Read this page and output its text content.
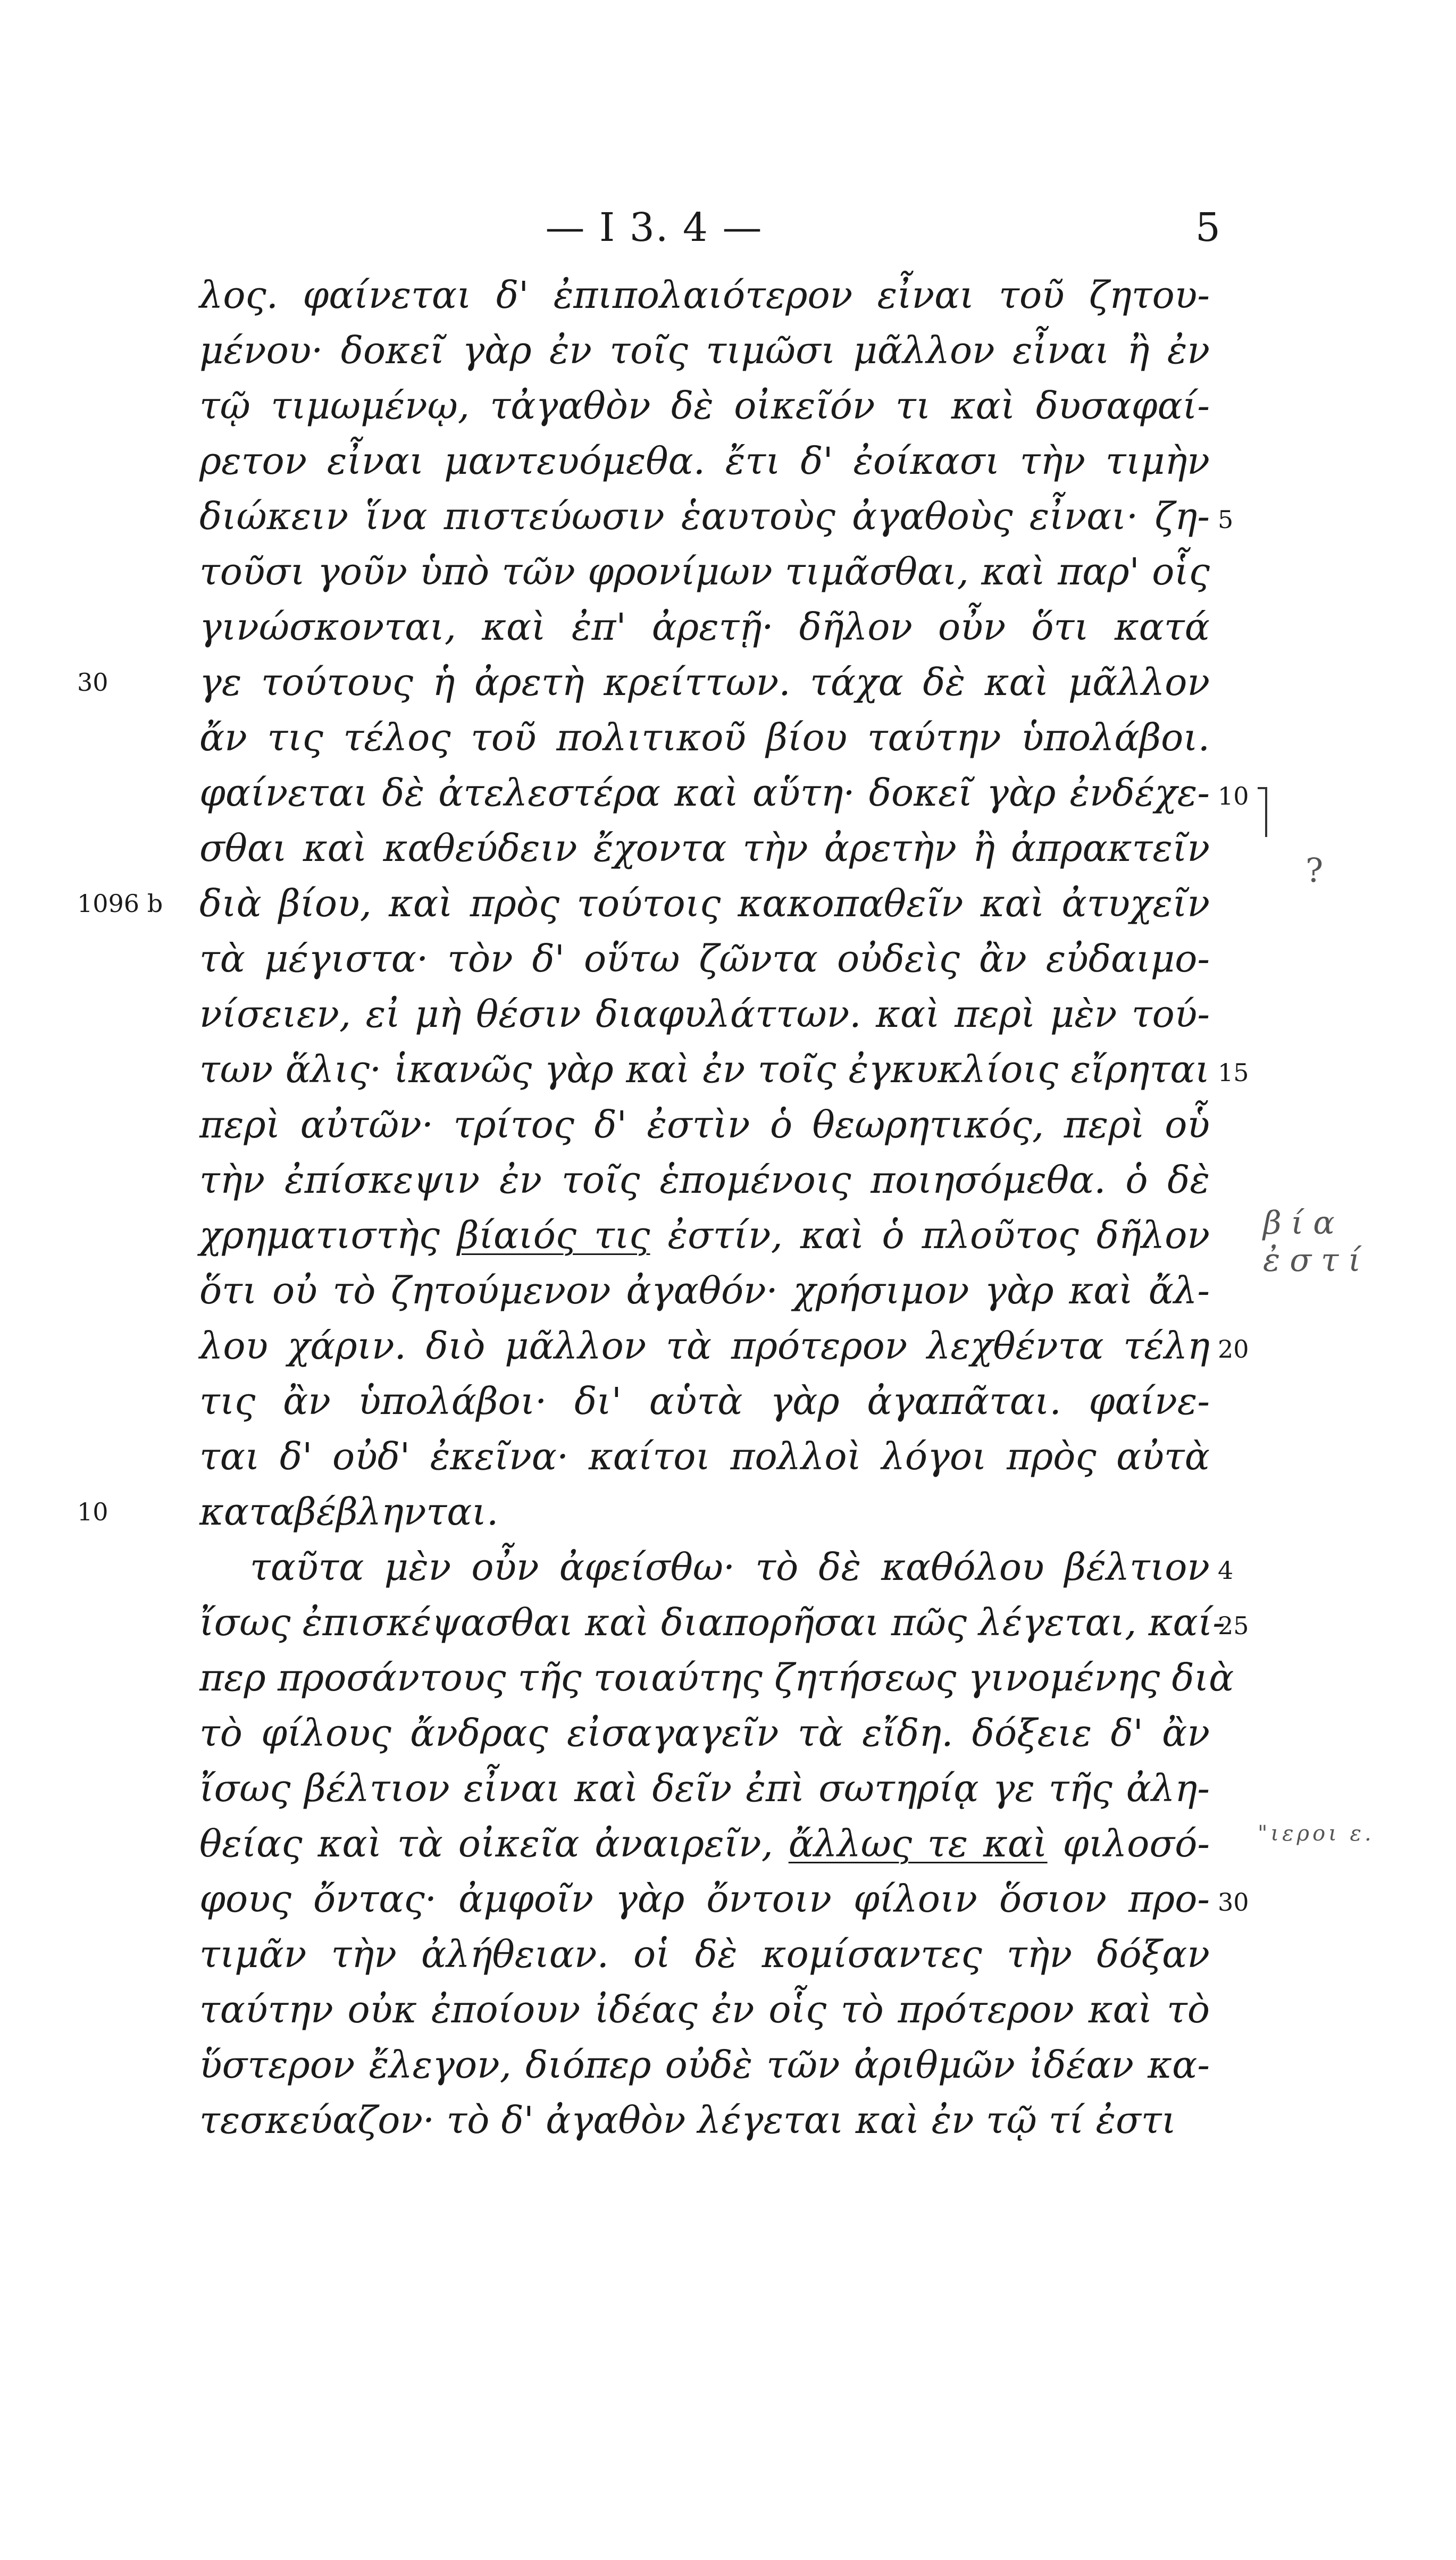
— I 3. 4 —	5
λος. φαίνεται δ' ἐπιπολαιότερον εἶναι τοῦ ζητου-
μένου· δοκεῖ γὰρ ἐν τοῖς τιμῶσι μᾶλλον εἶναι ἢ ἐν
τῷ τιμωμένῳ, τἀγαθὸν δὲ οἰκεῖόν τι καὶ δυσαφαί-
ρετον εἶναι μαντευόμεθα. ἔτι δ' ἐοίκασι τὴν τιμὴν
διώκειν ἵνα πιστεύωσιν ἑαυτοὺς ἀγαθοὺς εἶναι· ζη- 5
τοῦσι γοῦν ὑπὸ τῶν φρονίμων τιμᾶσθαι, καὶ παρ' οἷς
γινώσκονται, καὶ ἐπ' ἀρετῇ· δῆλον οὖν ὅτι κατά
30	γε τούτους ἡ ἀρετὴ κρείττων. τάχα δὲ καὶ μᾶλλον
ἄν τις τέλος τοῦ πολιτικοῦ βίου ταύτην ὑπολάβοι.
φαίνεται δὲ ἀτελεστέρα καὶ αὕτη· δοκεῖ γὰρ ἐνδέχε- 10
σθαι καὶ καθεύδειν ἔχοντα τὴν ἀρετὴν ἢ ἀπρακτεῖν
1096 b διὰ βίου, καὶ πρὸς τούτοις κακοπαθεῖν καὶ ἀτυχεῖν
τὰ μέγιστα· τὸν δ' οὕτω ζῶντα οὐδεὶς ἂν εὐδαιμο-
νίσειεν, εἰ μὴ θέσιν διαφυλάττων. καὶ περὶ μὲν τού-
των ἅλις· ἱκανῶς γὰρ καὶ ἐν τοῖς ἐγκυκλίοις εἴρηται 15
περὶ αὐτῶν· τρίτος δ' ἐστὶν ὁ θεωρητικός, περὶ οὗ
τὴν ἐπίσκεψιν ἐν τοῖς ἑπομένοις ποιησόμεθα. ὁ δὲ
χρηματιστὴς βίαιός τις ἐστίν, καὶ ὁ πλοῦτος δῆλον
ὅτι οὐ τὸ ζητούμενον ἀγαθόν· χρήσιμον γὰρ καὶ ἄλ-
λου χάριν. διὸ μᾶλλον τὰ πρότερον λεχθέντα τέλη 20
τις ἂν ὑπολάβοι· δι' αὑτὰ γὰρ ἀγαπᾶται. φαίνε-
ται δ' οὐδ' ἐκεῖνα· καίτοι πολλοὶ λόγοι πρὸς αὐτὰ
10	καταβέβληνται.
ταῦτα μὲν οὖν ἀφείσθω· τὸ δὲ καθόλου βέλτιον 4
ἴσως ἐπισκέψασθαι καὶ διαπορῆσαι πῶς λέγεται, καί-
25
περ προσάντους τῆς τοιαύτης ζητήσεως γινομένης διὰ
τὸ φίλους ἄνδρας εἰσαγαγεῖν τὰ εἴδη. δόξειε δ' ἂν
ἴσως βέλτιον εἶναι καὶ δεῖν ἐπὶ σωτηρίᾳ γε τῆς ἀλη-
θείας καὶ τὰ οἰκεῖα ἀναιρεῖν, ἄλλως τε καὶ φιλοσό-
φους ὄντας· ἀμφοῖν γὰρ ὄντοιν φίλοιν ὅσιον προ- 30
τιμᾶν τὴν ἀλήθειαν. οἱ δὲ κομίσαντες τὴν δόξαν
ταύτην οὐκ ἐποίουν ἰδέας ἐν οἷς τὸ πρότερον καὶ τὸ
ὕστερον ἔλεγον, διόπερ οὐδὲ τῶν ἀριθμῶν ἰδέαν κα-
τεσκεύαζον· τὸ δ' ἀγαθὸν λέγεται καὶ ἐν τῷ τί ἐστι
?
βία ἐστί
"ιεροι ε.
